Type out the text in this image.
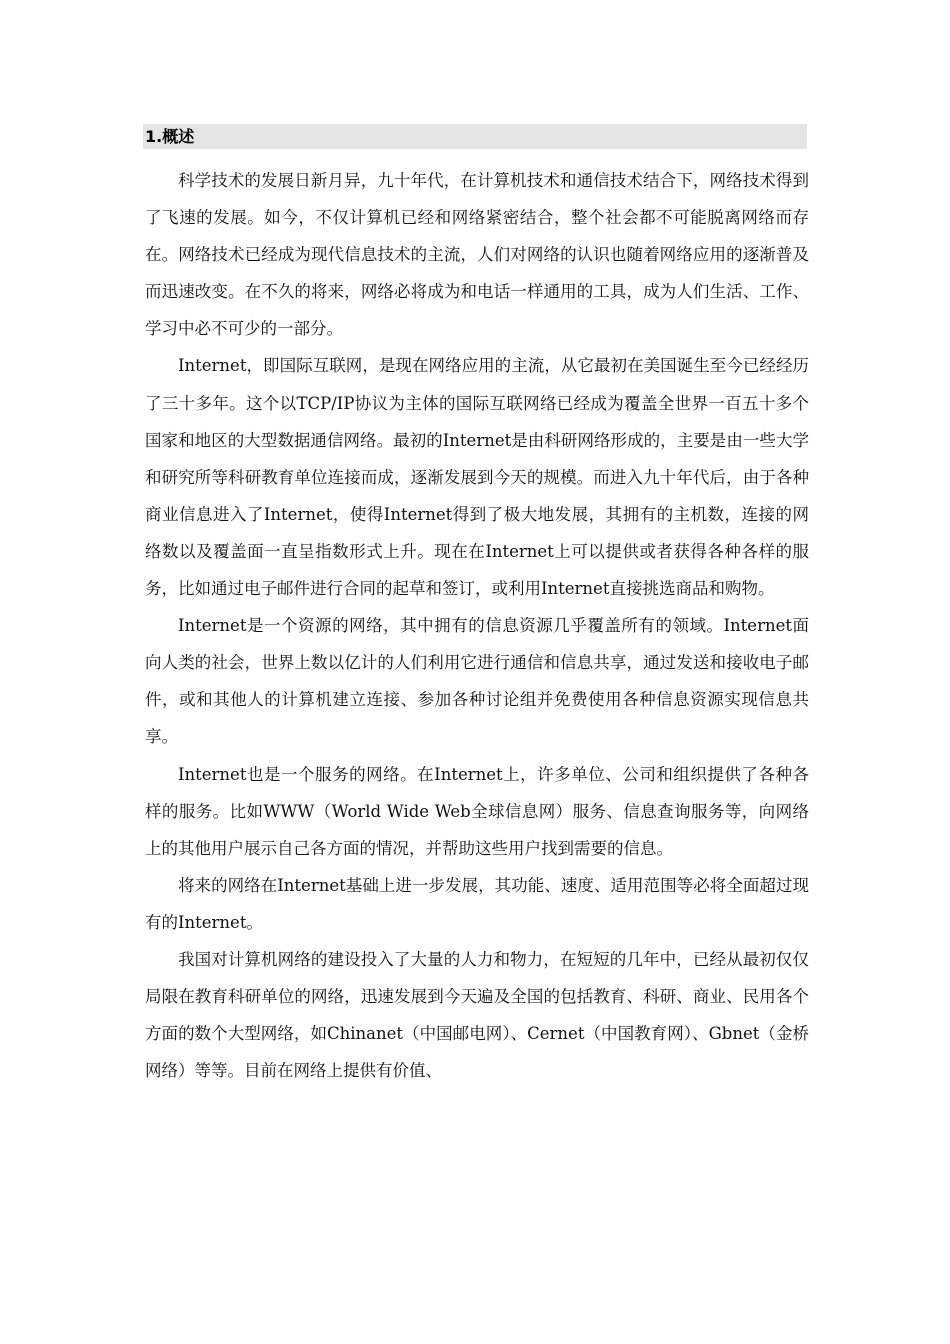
1.概述

科学技术的发展日新月异，九十年代，在计算机技术和通信技术结合下，网络技术得到了飞速的发展。如今，不仅计算机已经和网络紧密结合，整个社会都不可能脱离网络而存在。网络技术已经成为现代信息技术的主流，人们对网络的认识也随着网络应用的逐渐普及而迅速改变。在不久的将来，网络必将成为和电话一样通用的工具，成为人们生活、工作、学习中必不可少的一部分。

Internet，即国际互联网，是现在网络应用的主流，从它最初在美国诞生至今已经经历了三十多年。这个以TCP/IP协议为主体的国际互联网络已经成为覆盖全世界一百五十多个国家和地区的大型数据通信网络。最初的Internet是由科研网络形成的，主要是由一些大学和研究所等科研教育单位连接而成，逐渐发展到今天的规模。而进入九十年代后，由于各种商业信息进入了Internet，使得Internet得到了极大地发展，其拥有的主机数，连接的网络数以及覆盖面一直呈指数形式上升。现在在Internet上可以提供或者获得各种各样的服务，比如通过电子邮件进行合同的起草和签订，或利用Internet直接挑选商品和购物。

Internet是一个资源的网络，其中拥有的信息资源几乎覆盖所有的领域。Internet面向人类的社会，世界上数以亿计的人们利用它进行通信和信息共享，通过发送和接收电子邮件，或和其他人的计算机建立连接、参加各种讨论组并免费使用各种信息资源实现信息共享。

Internet也是一个服务的网络。在Internet上，许多单位、公司和组织提供了各种各样的服务。比如WWW（World Wide Web全球信息网）服务、信息查询服务等，向网络上的其他用户展示自己各方面的情况，并帮助这些用户找到需要的信息。

将来的网络在Internet基础上进一步发展，其功能、速度、适用范围等必将全面超过现有的Internet。

我国对计算机网络的建设投入了大量的人力和物力，在短短的几年中，已经从最初仅仅局限在教育科研单位的网络，迅速发展到今天遍及全国的包括教育、科研、商业、民用各个方面的数个大型网络，如Chinanet（中国邮电网）、Cernet（中国教育网）、Gbnet（金桥网络）等等。目前在网络上提供有价值、
